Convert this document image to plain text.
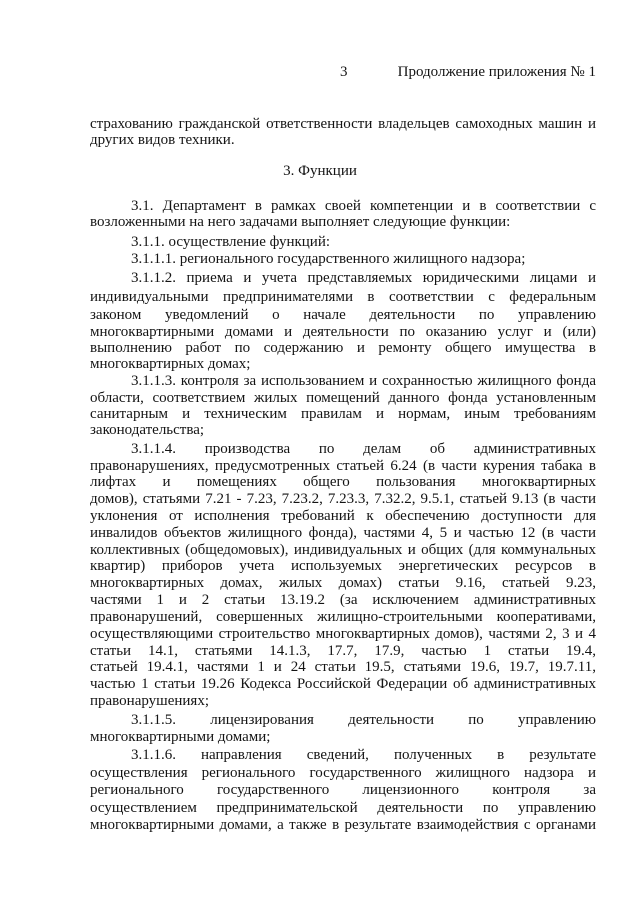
3	Продолжение приложения № 1
3. Функции
страхованию гражданской ответственности владельцев самоходных машин и
других видов техники.
3.1. Департамент в рамках своей компетенции и в соответствии с
возложенными на него задачами выполняет следующие функции:
3.1.1. осуществление функций:
3.1.1.1. регионального государственного жилищного надзора;
3.1.1.2. приема и учета представляемых юридическими лицами и
индивидуальными предпринимателями в соответствии с федеральным
законом уведомлений о начале деятельности по управлению
многоквартирными домами и деятельности по оказанию услуг и (или)
выполнению работ по содержанию и ремонту общего имущества в
многоквартирных домах;
3.1.1.3. контроля за использованием и сохранностью жилищного фонда
области, соответствием жилых помещений данного фонда установленным
санитарным и техническим правилам и нормам, иным требованиям
законодательства;
3.1.1.4. производства по делам об административных
правонарушениях, предусмотренных статьей 6.24 (в части курения табака в
лифтах и помещениях общего пользования многоквартирных
домов), статьями 7.21 - 7.23, 7.23.2, 7.23.3, 7.32.2, 9.5.1, статьей 9.13 (в части
уклонения от исполнения требований к обеспечению доступности для
инвалидов объектов жилищного фонда), частями 4, 5 и частью 12 (в части
коллективных (общедомовых), индивидуальных и общих (для коммунальных
квартир) приборов учета используемых энергетических ресурсов в
многоквартирных домах, жилых домах) статьи 9.16, статьей 9.23,
частями 1 и 2 статьи 13.19.2 (за исключением административных
правонарушений, совершенных жилищно-строительными кооперативами,
осуществляющими строительство многоквартирных домов), частями 2, 3 и 4
статьи 14.1, статьями 14.1.3, 17.7, 17.9, частью 1 статьи 19.4,
статьей 19.4.1, частями 1 и 24 статьи 19.5, статьями 19.6, 19.7, 19.7.11,
частью 1 статьи 19.26 Кодекса Российской Федерации об административных
правонарушениях;
3.1.1.5. лицензирования деятельности по управлению
многоквартирными домами;
3.1.1.6. направления сведений, полученных в результате
осуществления регионального государственного жилищного надзора и
регионального государственного лицензионного контроля за
осуществлением предпринимательской деятельности по управлению
многоквартирными домами, а также в результате взаимодействия с органами
